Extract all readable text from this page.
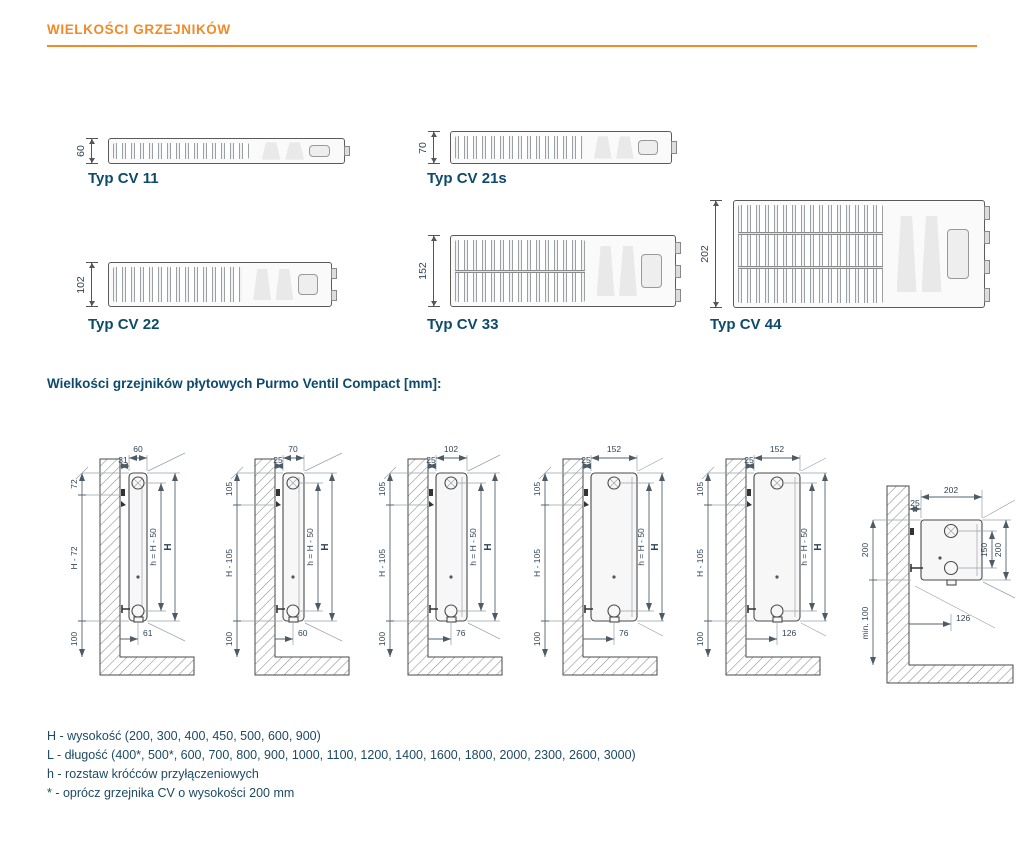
WIELKOŚCI GRZEJNIKÓW
60
Typ CV 11
70
Typ CV 21s
102
Typ CV 22
152
Typ CV 33
202
Typ CV 44
Wielkości grzejników płytowych Purmo Ventil Compact [mm]:
72
H - 72
100
60
31
h = H - 50 H
61
105
H - 105
100
70
25
h = H - 50 H
60
105
H - 105
100
102
25
h = H - 50 H
76
105
H - 105
100
152
25
h = H - 50 H
76
105
H - 105
100
152
25
h = H - 50 H
126
200
min. 100
202
25
150 200
126
H - wysokość (200, 300, 400, 450, 500, 600, 900)
L - długość (400*, 500*, 600, 700, 800, 900, 1000, 1100, 1200, 1400, 1600, 1800, 2000, 2300, 2600, 3000)
h - rozstaw króćców przyłączeniowych
* - oprócz grzejnika CV o wysokości 200 mm
